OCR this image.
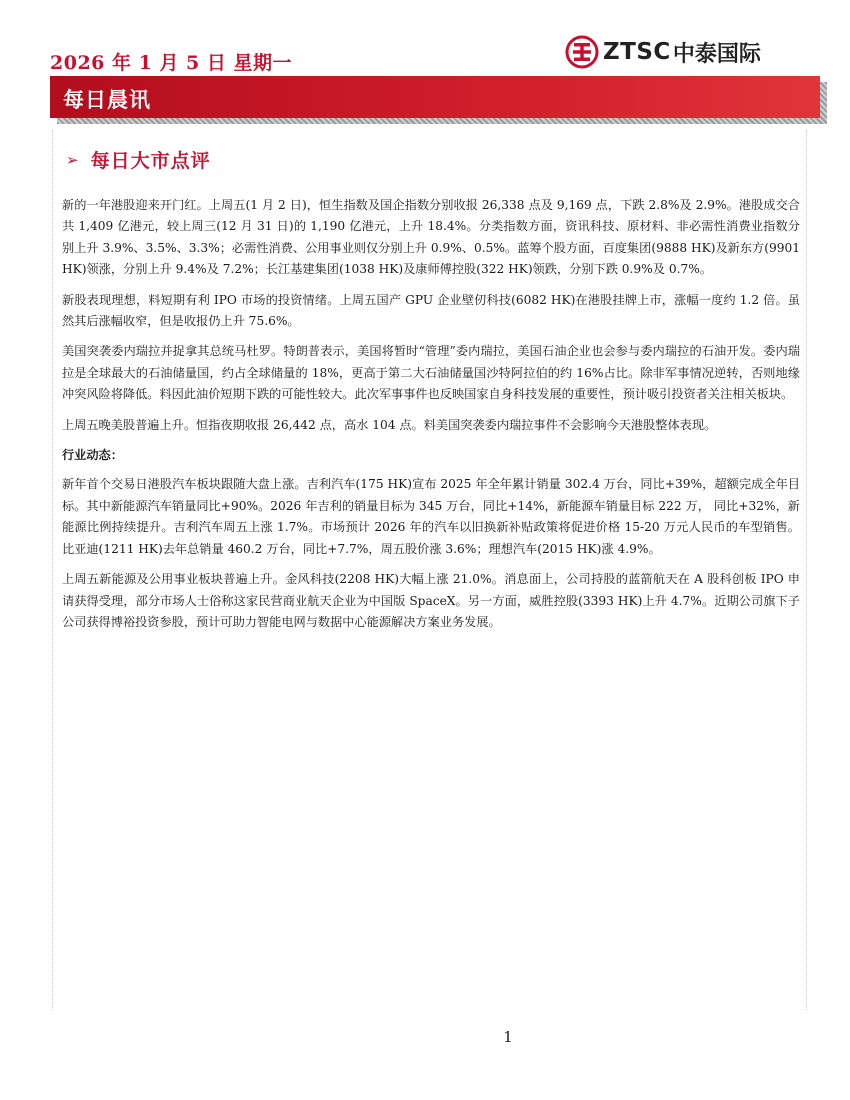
2026 年 1 月 5 日 星期一	ZTSC 中泰国际
每日晨讯
➢ 每日大市点评

新的一年港股迎来开门红。上周五(1 月 2 日)，恒生指数及国企指数分别收报 26,338 点及 9,169 点，下跌 2.8%及 2.9%。港股成交合共 1,409 亿港元，较上周三(12 月 31 日)的 1,190 亿港元，上升 18.4%。分类指数方面，资讯科技、原材料、非必需性消费业指数分别上升 3.9%、3.5%、3.3%；必需性消费、公用事业则仅分别上升 0.9%、0.5%。蓝筹个股方面，百度集团(9888 HK)及新东方(9901 HK)领涨，分别上升 9.4%及 7.2%；长江基建集团(1038 HK)及康师傅控股(322 HK)领跌，分别下跌 0.9%及 0.7%。

新股表现理想，料短期有利 IPO 市场的投资情绪。上周五国产 GPU 企业壁仞科技(6082 HK)在港股挂牌上市，涨幅一度约 1.2 倍。虽然其后涨幅收窄，但是收报仍上升 75.6%。

美国突袭委内瑞拉并捉拿其总统马杜罗。特朗普表示，美国将暂时“管理”委内瑞拉，美国石油企业也会参与委内瑞拉的石油开发。委内瑞拉是全球最大的石油储量国，约占全球储量的 18%，更高于第二大石油储量国沙特阿拉伯的约 16%占比。除非军事情况逆转，否则地缘冲突风险将降低。料因此油价短期下跌的可能性较大。此次军事事件也反映国家自身科技发展的重要性，预计吸引投资者关注相关板块。

上周五晚美股普遍上升。恒指夜期收报 26,442 点，高水 104 点。料美国突袭委内瑞拉事件不会影响今天港股整体表现。

行业动态：

新年首个交易日港股汽车板块跟随大盘上涨。吉利汽车(175 HK)宣布 2025 年全年累计销量 302.4 万台，同比+39%，超额完成全年目标。其中新能源汽车销量同比+90%。2026 年吉利的销量目标为 345 万台，同比+14%，新能源车销量目标 222 万， 同比+32%，新能源比例持续提升。吉利汽车周五上涨 1.7%。市场预计 2026 年的汽车以旧换新补贴政策将促进价格 15-20 万元人民币的车型销售。比亚迪(1211 HK)去年总销量 460.2 万台，同比+7.7%，周五股价涨 3.6%；理想汽车(2015 HK)涨 4.9%。

上周五新能源及公用事业板块普遍上升。金风科技(2208 HK)大幅上涨 21.0%。消息面上，公司持股的蓝箭航天在 A 股科创板 IPO 申请获得受理，部分市场人士俗称这家民营商业航天企业为中国版 SpaceX。另一方面，威胜控股(3393 HK)上升 4.7%。近期公司旗下子公司获得博裕投资参股，预计可助力智能电网与数据中心能源解决方案业务发展。

1
